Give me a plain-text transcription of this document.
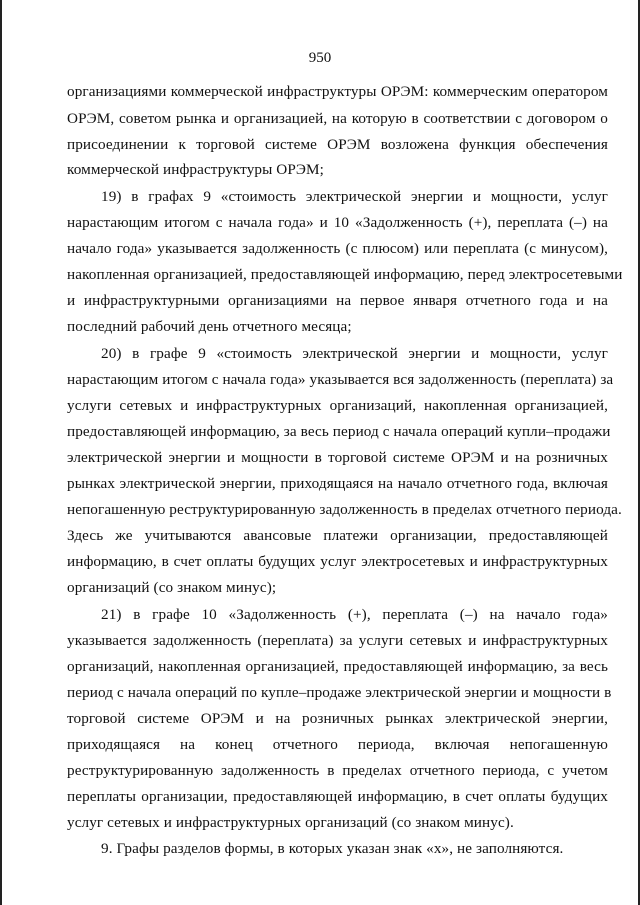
950
организациями коммерческой инфраструктуры ОРЭМ: коммерческим оператором
ОРЭМ, советом рынка и организацией, на которую в соответствии с договором о
присоединении к торговой системе ОРЭМ возложена функция обеспечения
коммерческой инфраструктуры ОРЭМ;
19) в графах 9 «стоимость электрической энергии и мощности, услуг
нарастающим итогом с начала года» и 10 «Задолженность (+), переплата (–) на
начало года» указывается задолженность (с плюсом) или переплата (с минусом),
накопленная организацией, предоставляющей информацию, перед электросетевыми
и инфраструктурными организациями на первое января отчетного года и на
последний рабочий день отчетного месяца;
20) в графе 9 «стоимость электрической энергии и мощности, услуг
нарастающим итогом с начала года» указывается вся задолженность (переплата) за
услуги сетевых и инфраструктурных организаций, накопленная организацией,
предоставляющей информацию, за весь период с начала операций купли–продажи
электрической энергии и мощности в торговой системе ОРЭМ и на розничных
рынках электрической энергии, приходящаяся на начало отчетного года, включая
непогашенную реструктурированную задолженность в пределах отчетного периода.
Здесь же учитываются авансовые платежи организации, предоставляющей
информацию, в счет оплаты будущих услуг электросетевых и инфраструктурных
организаций (со знаком минус);
21) в графе 10 «Задолженность (+), переплата (–) на начало года»
указывается задолженность (переплата) за услуги сетевых и инфраструктурных
организаций, накопленная организацией, предоставляющей информацию, за весь
период с начала операций по купле–продаже электрической энергии и мощности в
торговой системе ОРЭМ и на розничных рынках электрической энергии,
приходящаяся на конец отчетного периода, включая непогашенную
реструктурированную задолженность в пределах отчетного периода, с учетом
переплаты организации, предоставляющей информацию, в счет оплаты будущих
услуг сетевых и инфраструктурных организаций (со знаком минус).
9. Графы разделов формы, в которых указан знак «х», не заполняются.
